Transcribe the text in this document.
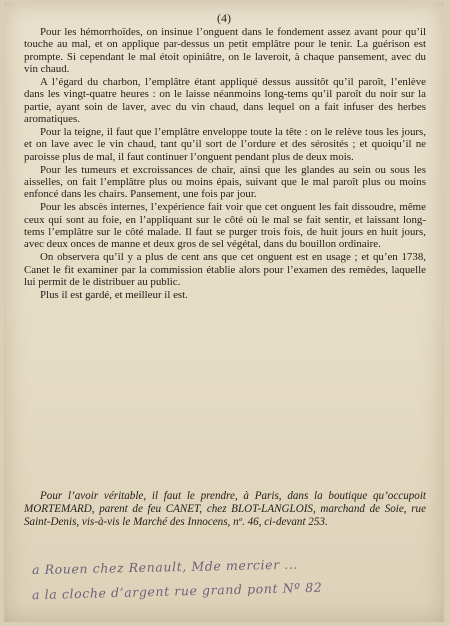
(4)

Pour les hémorrhoïdes, on insinue l’onguent dans le fondement assez avant pour qu’il touche au mal, et on applique par-dessus un petit emplâtre pour le tenir. La guérison est prompte. Si cependant le mal étoit opiniâtre, on le laveroit, à chaque pansement, avec du vin chaud.

A l’égard du charbon, l’emplâtre étant appliqué dessus aussitôt qu’il paroît, l’enlève dans les vingt-quatre heures : on le laisse néanmoins long-tems qu’il paroît du noir sur la partie, ayant soin de laver, avec du vin chaud, dans lequel on a fait infuser des herbes aromatiques.

Pour la teigne, il faut que l’emplâtre enveloppe toute la tête : on le relève tous les jours, et on lave avec le vin chaud, tant qu’il sort de l’ordure et des sérosités ; et quoiqu’il ne paroisse plus de mal, il faut continuer l’onguent pendant plus de deux mois.

Pour les tumeurs et excroissances de chair, ainsi que les glandes au sein ou sous les aisselles, on fait l’emplâtre plus ou moins épais, suivant que le mal paroît plus ou moins enfoncé dans les chairs. Pansement, une fois par jour.

Pour les abscès internes, l’expérience fait voir que cet onguent les fait dissoudre, même ceux qui sont au foie, en l’appliquant sur le côté où le mal se fait sentir, et laissant long-tems l’emplâtre sur le côté malade. Il faut se purger trois fois, de huit jours en huit jours, avec deux onces de manne et deux gros de sel végétal, dans du bouillon ordinaire.

On observera qu’il y a plus de cent ans que cet onguent est en usage ; et qu’en 1738, Canet le fit examiner par la commission établie alors pour l’examen des remèdes, laquelle lui permit de le distribuer au public.

Plus il est gardé, et meilleur il est.

Pour l’avoir véritable, il faut le prendre, à Paris, dans la boutique qu’occupoit MORTEMARD, parent de feu CANET, chez BLOT-LANGLOIS, marchand de Soie, rue Saint-Denis, vis-à-vis le Marché des Innocens, nº. 46, ci-devant 253.
a Rouen chez Renault, Mde mercier ...
a la cloche d’argent rue grand pont Nº 82
